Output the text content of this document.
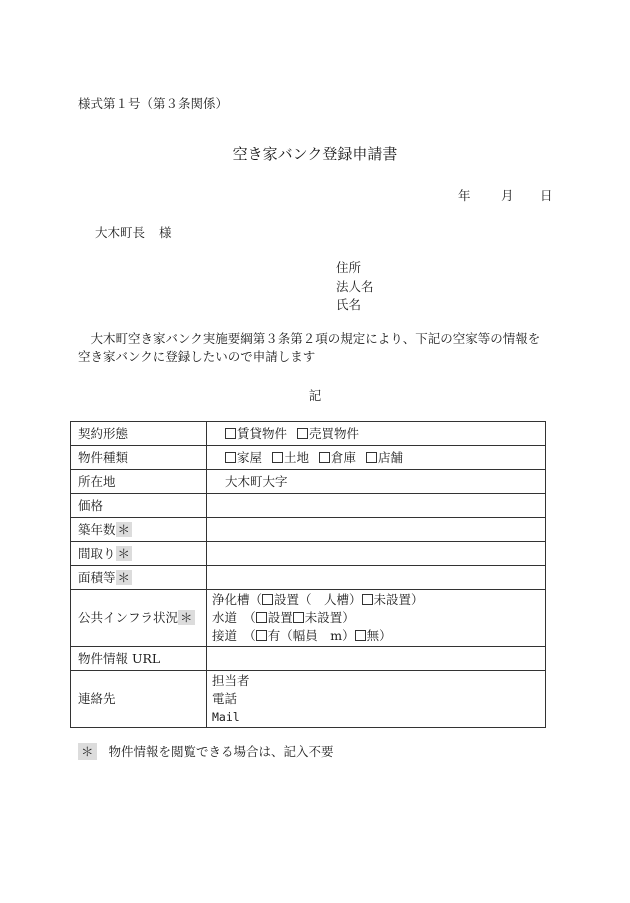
様式第１号（第３条関係）
空き家バンク登録申請書
年 月 日
大木町長 様
住所
法人名
氏名
大木町空き家バンク実施要綱第３条第２項の規定により、下記の空家等の情報を空き家バンクに登録したいので申請します
記
契約形態	賃貸物件 売買物件
物件種類	家屋 土地 倉庫 店舗
所在地	大木町大字
価格	
築年数 ＊	
間取り ＊	
面積等 ＊	
公共インフラ状況 ＊	浄化槽（ 設置（　人槽） 未設置）
水道　（ 設置 未設置）
接道　（ 有（幅員　m） 無）

物件情報 URL	
連絡先	担当者
電話
Mail
＊ 物件情報を閲覧できる場合は、記入不要
